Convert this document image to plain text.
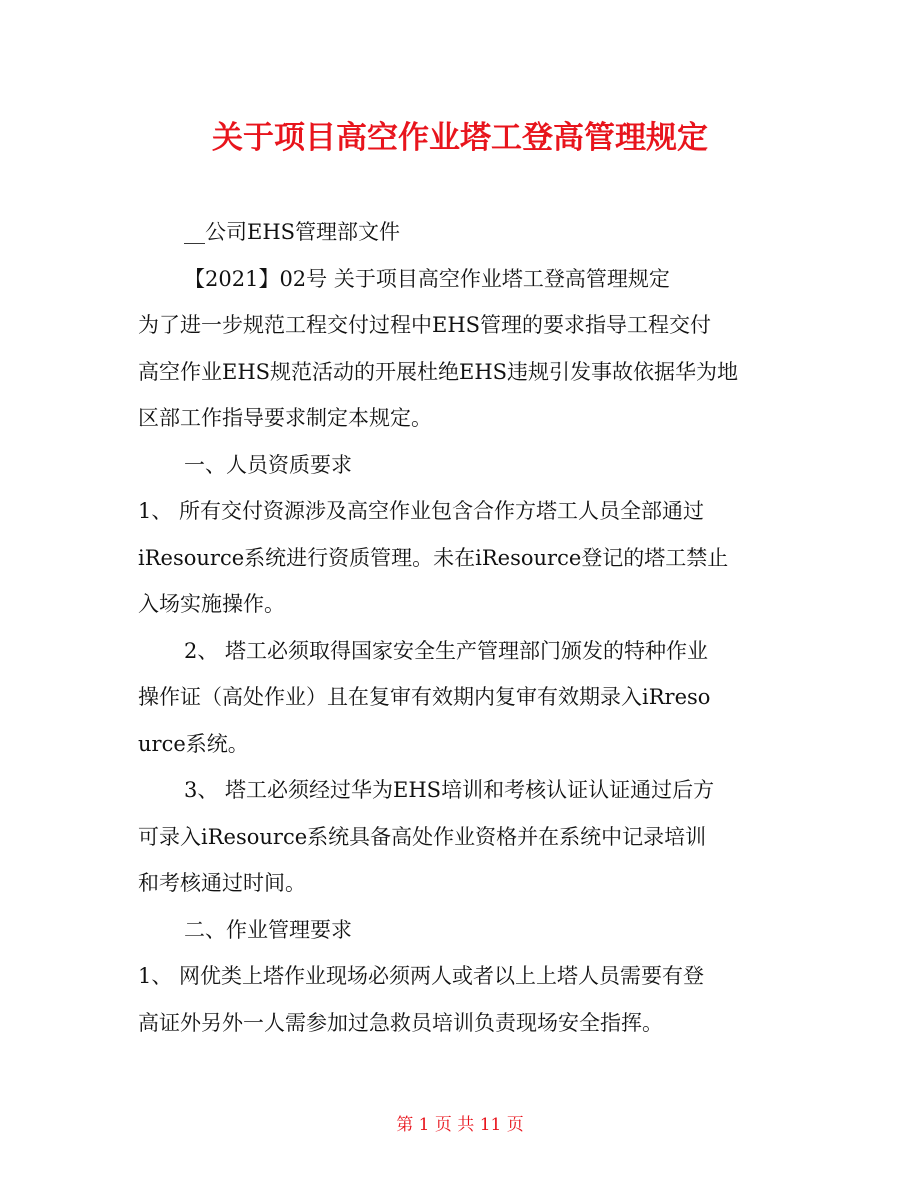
关于项目高空作业塔工登高管理规定

__公司EHS管理部文件

【2021】02号 关于项目高空作业塔工登高管理规定

为了进一步规范工程交付过程中EHS管理的要求指导工程交付
高空作业EHS规范活动的开展杜绝EHS违规引发事故依据华为地
区部工作指导要求制定本规定。

一、人员资质要求

1、 所有交付资源涉及高空作业包含合作方塔工人员全部通过
iResource系统进行资质管理。未在iResource登记的塔工禁止
入场实施操作。

2、 塔工必须取得国家安全生产管理部门颁发的特种作业
操作证（高处作业）且在复审有效期内复审有效期录入iRreso
urce系统。

3、 塔工必须经过华为EHS培训和考核认证认证通过后方
可录入iResource系统具备高处作业资格并在系统中记录培训
和考核通过时间。

二、作业管理要求

1、 网优类上塔作业现场必须两人或者以上上塔人员需要有登
高证外另外一人需参加过急救员培训负责现场安全指挥。

第 1 页 共 11 页
